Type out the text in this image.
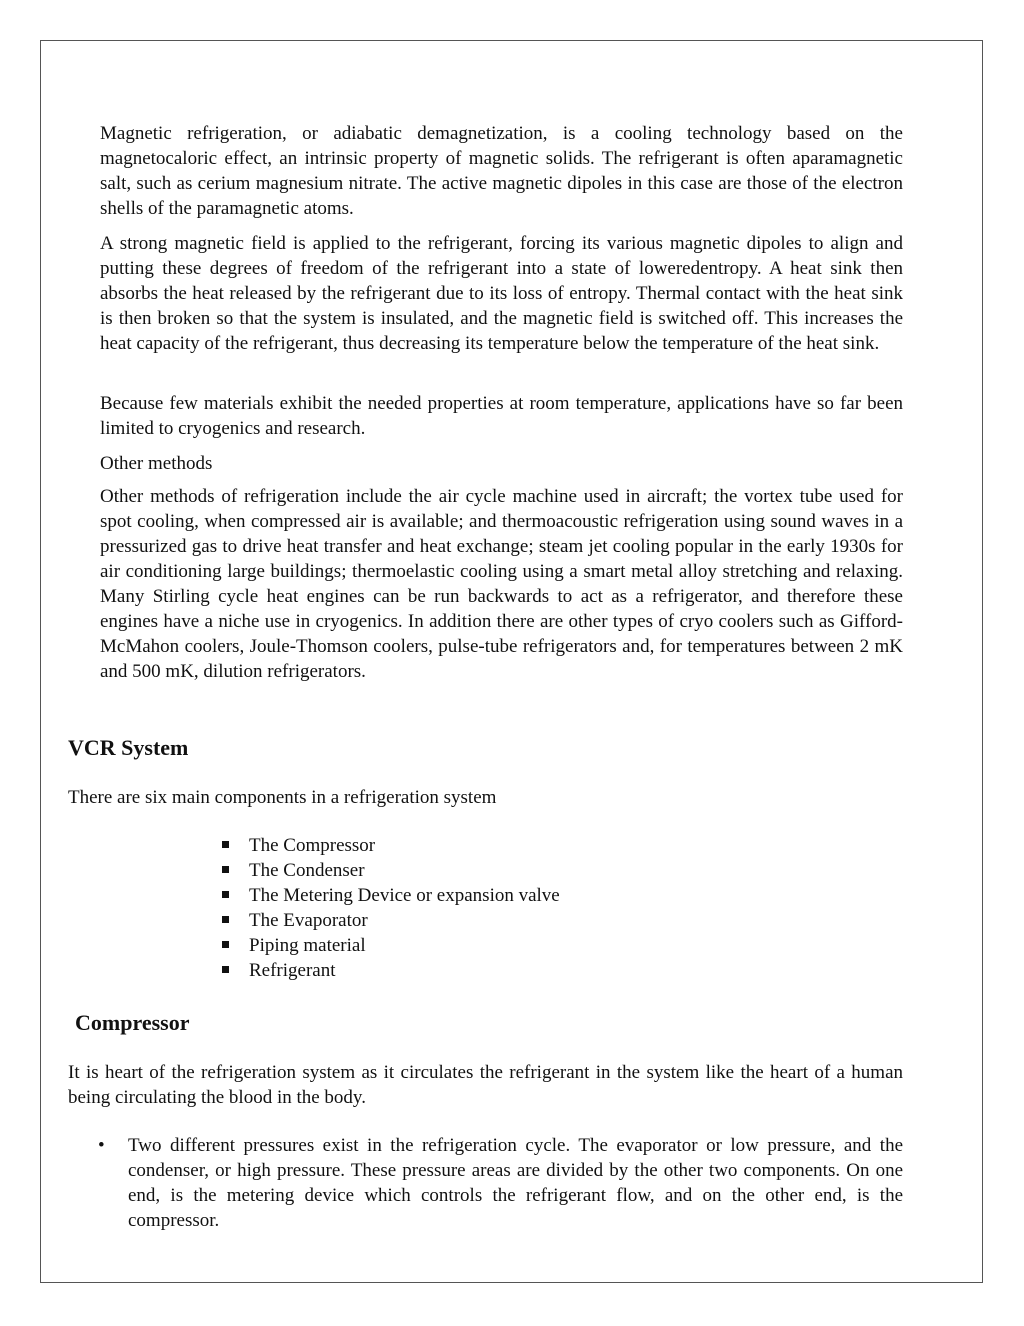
Magnetic refrigeration, or adiabatic demagnetization, is a cooling technology based on the magnetocaloric effect, an intrinsic property of magnetic solids. The refrigerant is often aparamagnetic salt, such as cerium magnesium nitrate. The active magnetic dipoles in this case are those of the electron shells of the paramagnetic atoms.

A strong magnetic field is applied to the refrigerant, forcing its various magnetic dipoles to align and putting these degrees of freedom of the refrigerant into a state of loweredentropy. A heat sink then absorbs the heat released by the refrigerant due to its loss of entropy. Thermal contact with the heat sink is then broken so that the system is insulated, and the magnetic field is switched off. This increases the heat capacity of the refrigerant, thus decreasing its temperature below the temperature of the heat sink.

Because few materials exhibit the needed properties at room temperature, applications have so far been limited to cryogenics and research.

Other methods

Other methods of refrigeration include the air cycle machine used in aircraft; the vortex tube used for spot cooling, when compressed air is available; and thermoacoustic refrigeration using sound waves in a pressurized gas to drive heat transfer and heat exchange; steam jet cooling popular in the early 1930s for air conditioning large buildings; thermoelastic cooling using a smart metal alloy stretching and relaxing. Many Stirling cycle heat engines can be run backwards to act as a refrigerator, and therefore these engines have a niche use in cryogenics. In addition there are other types of cryo coolers such as Gifford-McMahon coolers, Joule-Thomson coolers, pulse-tube refrigerators and, for temperatures between 2 mK and 500 mK, dilution refrigerators.

VCR System

There are six main components in a refrigeration system

The Compressor
The Condenser
The Metering Device or expansion valve
The Evaporator
Piping material
Refrigerant
Compressor

It is heart of the refrigeration system as it circulates the refrigerant in the system like the heart of a human being circulating the blood in the body.

• Two different pressures exist in the refrigeration cycle. The evaporator or low pressure, and the condenser, or high pressure. These pressure areas are divided by the other two components. On one end, is the metering device which controls the refrigerant flow, and on the other end, is the compressor.
